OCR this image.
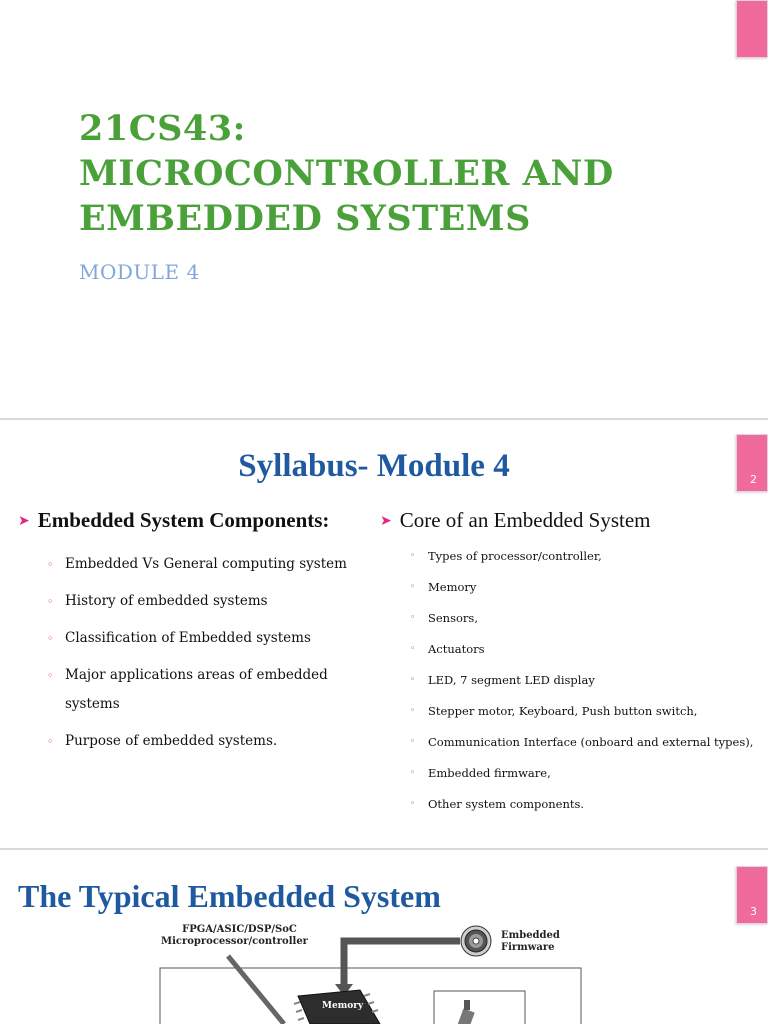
21CS43:
MICROCONTROLLER AND
EMBEDDED SYSTEMS
MODULE 4
2
Syllabus- Module 4
➤ Embedded System Components:
◦ Embedded Vs General computing system
◦ History of embedded systems
◦ Classification of Embedded systems
◦ Major applications areas of embedded systems
◦ Purpose of embedded systems.
➤ Core of an Embedded System
◦ Types of processor/controller,
◦ Memory
◦ Sensors,
◦ Actuators
◦ LED, 7 segment LED display
◦ Stepper motor, Keyboard, Push button switch,
◦ Communication Interface (onboard and external types),
◦ Embedded firmware,
◦ Other system components.
3
The Typical Embedded System
FPGA/ASIC/DSP/SoC
Microprocessor/controller
Embedded
Firmware
Memory
